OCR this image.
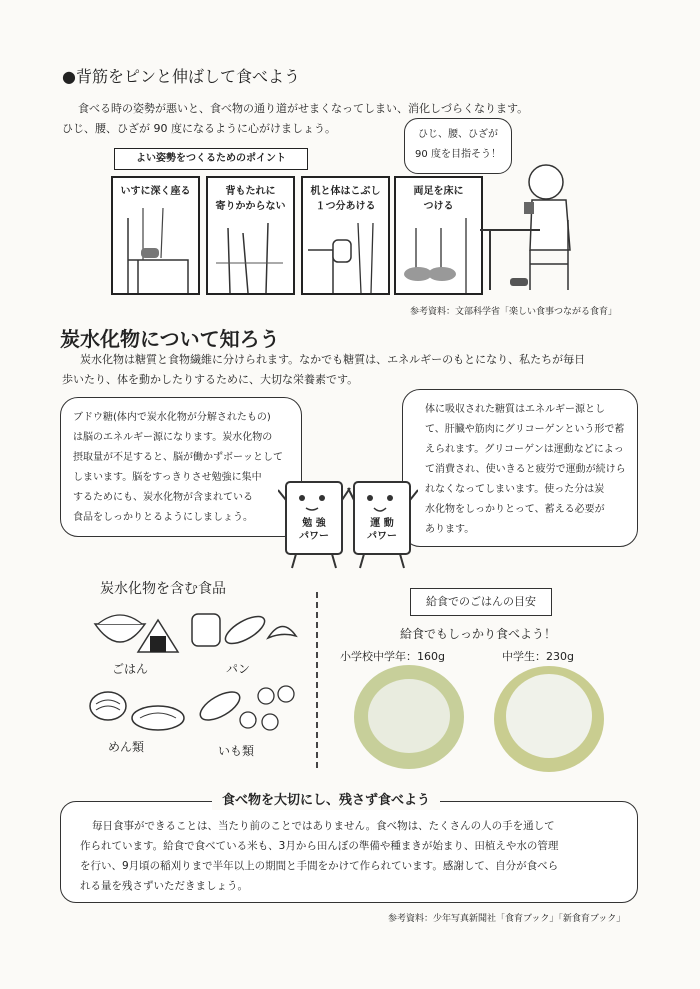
●背筋をピンと伸ばして食べよう
食べる時の姿勢が悪いと、食べ物の通り道がせまくなってしまい、消化しづらくなります。
ひじ、腰、ひざが 90 度になるように心がけましょう。
よい姿勢をつくるためのポイント
いすに深く座る	背もたれに
寄りかからない
机と体はこぶし
１つ分あける
両足を床に
つける
ひじ、腰、ひざが
90 度を目指そう！
参考資料：文部科学省「楽しい食事つながる食育」
炭水化物について知ろう
炭水化物は糖質と食物繊維に分けられます。なかでも糖質は、エネルギーのもとになり、私たちが毎日
歩いたり、体を動かしたりするために、大切な栄養素です。
ブドウ糖(体内で炭水化物が分解されたもの)
は脳のエネルギー源になります。炭水化物の
摂取量が不足すると、脳が働かずボーッとして
しまいます。脳をすっきりさせ勉強に集中
するためにも、炭水化物が含まれている
食品をしっかりとるようにしましょう。
体に吸収された糖質はエネルギー源とし
て、肝臓や筋肉にグリコーゲンという形で蓄
えられます。グリコーゲンは運動などによっ
て消費され、使いきると疲労で運動が続けら
れなくなってしまいます。使った分は炭
水化物をしっかりとって、蓄える必要が
あります。
勉 強
パワー
運 動
パワー
炭水化物を含む食品
ごはん	パン
めん類	いも類
給食でのごはんの目安
給食でもしっかり食べよう！
小学校中学年：160g	中学生：230g
食べ物を大切にし、残さず食べよう
毎日食事ができることは、当たり前のことではありません。食べ物は、たくさんの人の手を通して
作られています。給食で食べている米も、3月から田んぼの準備や種まきが始まり、田植えや水の管理
を行い、9月頃の稲刈りまで半年以上の期間と手間をかけて作られています。感謝して、自分が食べら
れる量を残さずいただきましょう。
参考資料：少年写真新聞社「食育ブック」「新食育ブック」
